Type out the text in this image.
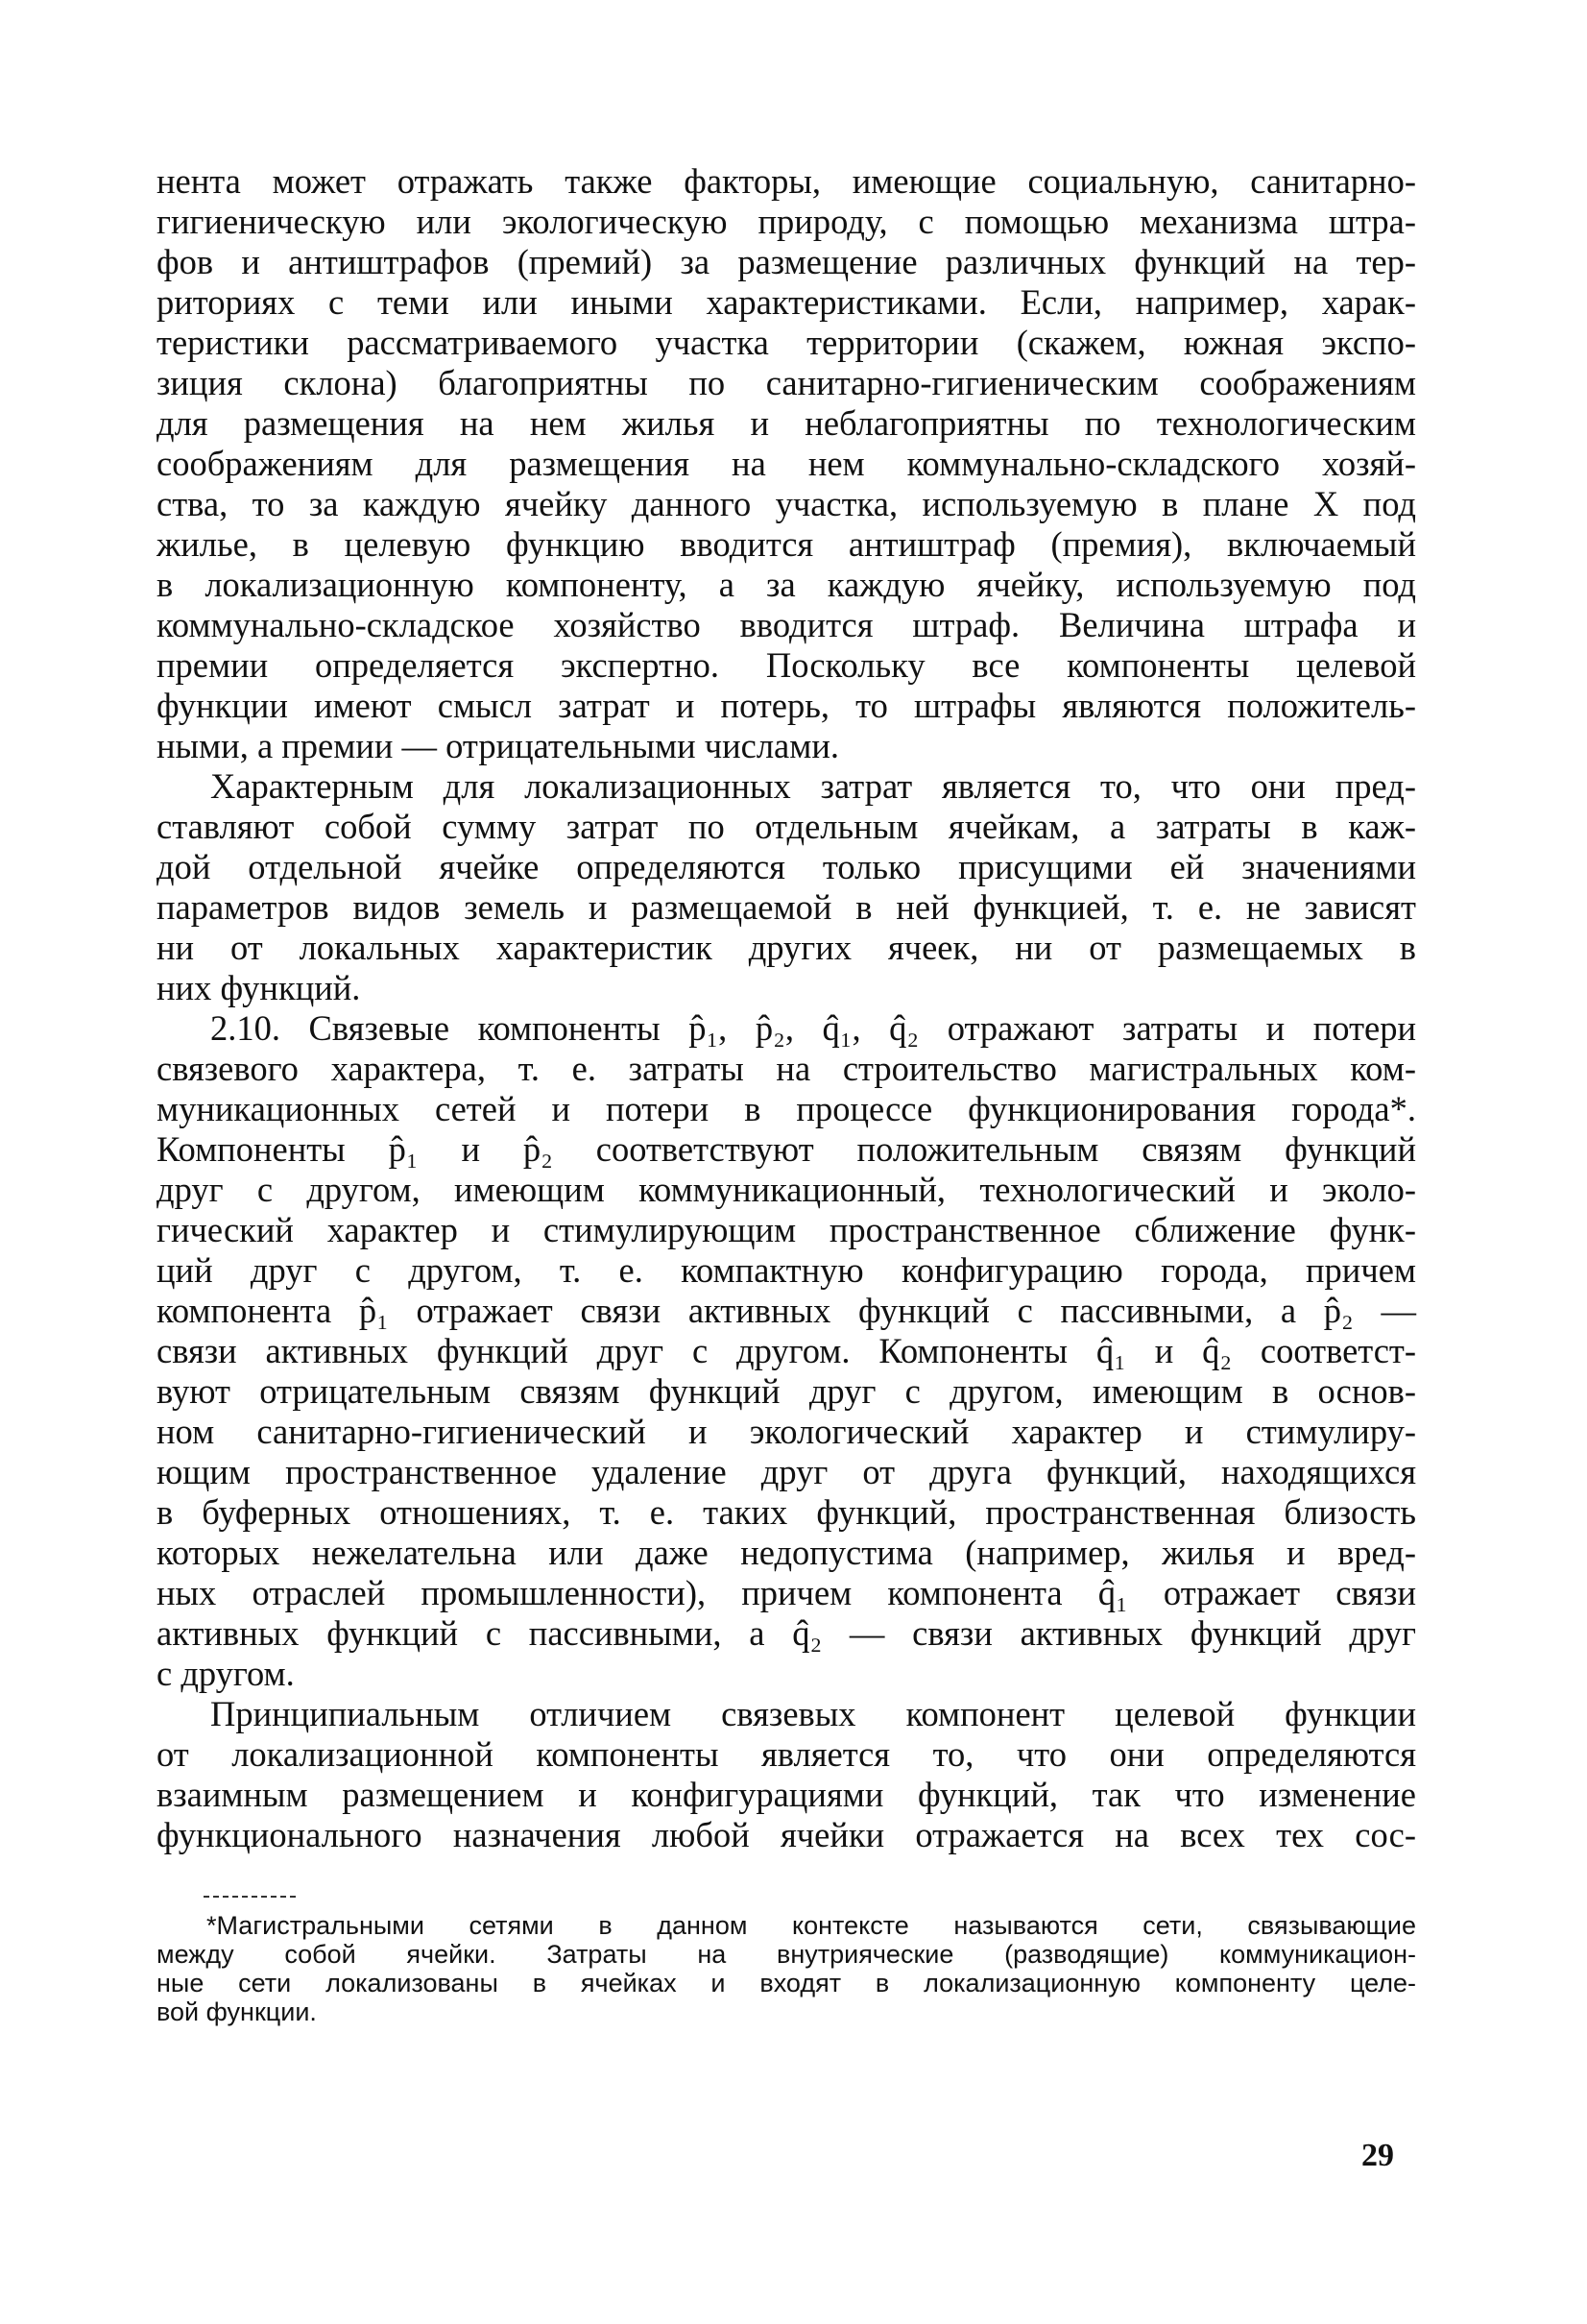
нента может отражать также факторы, имеющие социальную, санитарно-
гигиеническую или экологическую природу, с помощью механизма штра-
фов и антиштрафов (премий) за размещение различных функций на тер-
риториях с теми или иными характеристиками. Если, например, харак-
теристики рассматриваемого участка территории (скажем, южная экспо-
зиция склона) благоприятны по санитарно-гигиеническим соображениям
для размещения на нем жилья и неблагоприятны по технологическим
соображениям для размещения на нем коммунально-складского хозяй-
ства, то за каждую ячейку данного участка, используемую в плане X под
жилье, в целевую функцию вводится антиштраф (премия), включаемый
в локализационную компоненту, а за каждую ячейку, используемую под
коммунально-складское хозяйство вводится штраф. Величина штрафа и
премии определяется экспертно. Поскольку все компоненты целевой
функции имеют смысл затрат и потерь, то штрафы являются положитель-
ными, а премии — отрицательными числами.
Характерным для локализационных затрат является то, что они пред-
ставляют собой сумму затрат по отдельным ячейкам, а затраты в каж-
дой отдельной ячейке определяются только присущими ей значениями
параметров видов земель и размещаемой в ней функцией, т. е. не зависят
ни от локальных характеристик других ячеек, ни от размещаемых в
них функций.
2.10. Связевые компоненты p̂₁, p̂₂, q̂₁, q̂₂ отражают затраты и потери
связевого характера, т. е. затраты на строительство магистральных ком-
муникационных сетей и потери в процессе функционирования города*.
Компоненты p̂₁ и p̂₂ соответствуют положительным связям функций
друг с другом, имеющим коммуникационный, технологический и эколо-
гический характер и стимулирующим пространственное сближение функ-
ций друг с другом, т. е. компактную конфигурацию города, причем
компонента p̂₁ отражает связи активных функций с пассивными, а p̂₂ —
связи активных функций друг с другом. Компоненты q̂₁ и q̂₂ соответст-
вуют отрицательным связям функций друг с другом, имеющим в основ-
ном санитарно-гигиенический и экологический характер и стимулиру-
ющим пространственное удаление друг от друга функций, находящихся
в буферных отношениях, т. е. таких функций, пространственная близость
которых нежелательна или даже недопустима (например, жилья и вред-
ных отраслей промышленности), причем компонента q̂₁ отражает связи
активных функций с пассивными, а q̂₂ — связи активных функций друг
с другом.
Принципиальным отличием связевых компонент целевой функции
от локализационной компоненты является то, что они определяются
взаимным размещением и конфигурациями функций, так что изменение
функционального назначения любой ячейки отражается на всех тех сос-
*Магистральными сетями в данном контексте называются сети, связывающие
между собой ячейки. Затраты на внутрияческие (разводящие) коммуникацион-
ные сети локализованы в ячейках и входят в локализационную компоненту целе-
вой функции.
29
